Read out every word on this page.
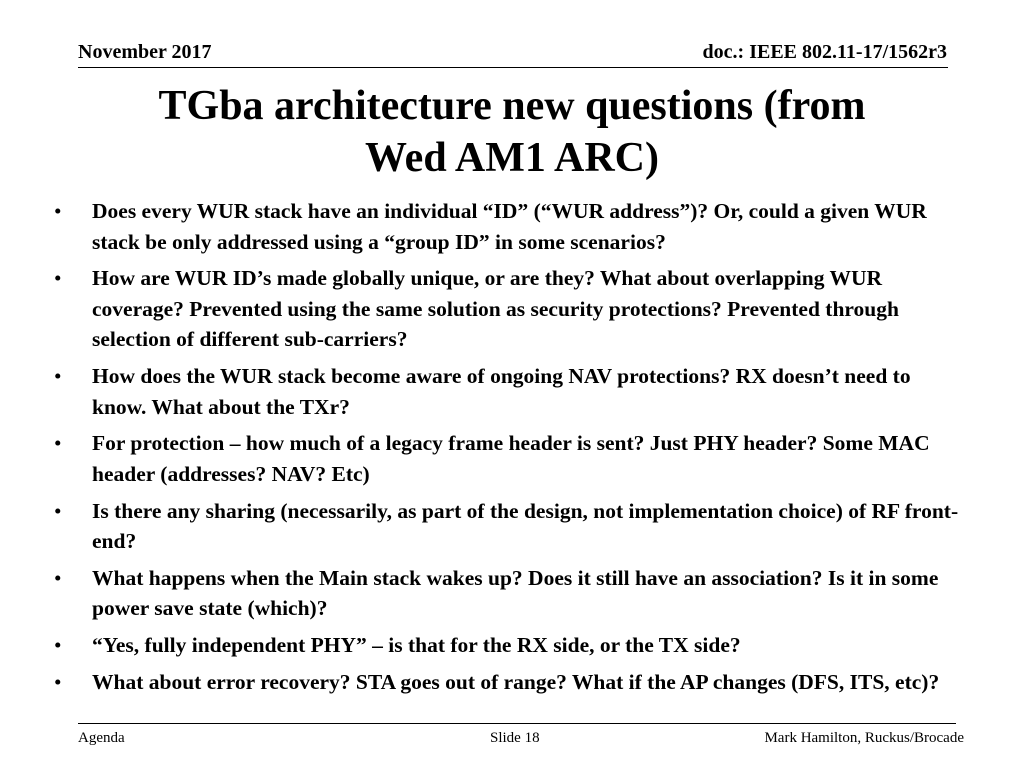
November 2017	doc.: IEEE 802.11-17/1562r3
TGba architecture new questions (from
Wed AM1 ARC)
• Does every WUR stack have an individual “ID” (“WUR address”)? Or, could a given WUR stack be only addressed using a “group ID” in some scenarios?
• How are WUR ID’s made globally unique, or are they? What about overlapping WUR coverage? Prevented using the same solution as security protections? Prevented through selection of different sub-carriers?
• How does the WUR stack become aware of ongoing NAV protections? RX doesn’t need to know. What about the TXr?
• For protection – how much of a legacy frame header is sent? Just PHY header? Some MAC header (addresses? NAV? Etc)
• Is there any sharing (necessarily, as part of the design, not implementation choice) of RF front-end?
• What happens when the Main stack wakes up? Does it still have an association? Is it in some power save state (which)?
• “Yes, fully independent PHY” – is that for the RX side, or the TX side?
• What about error recovery? STA goes out of range? What if the AP changes (DFS, ITS, etc)?
Agenda	Slide 18	Mark Hamilton, Ruckus/Brocade
